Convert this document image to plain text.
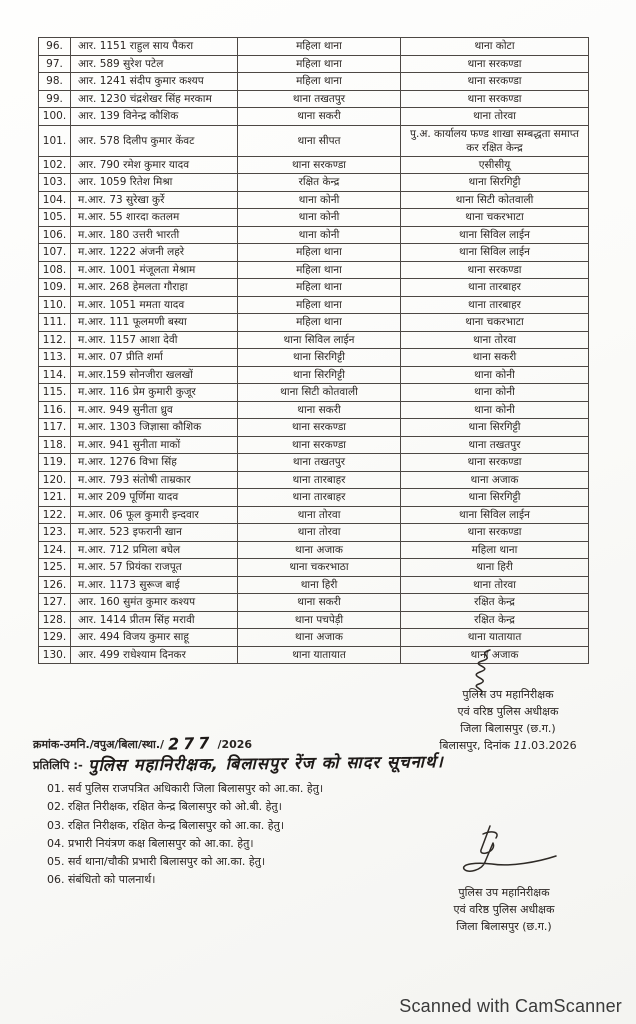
96.	आर. 1151 राहुल साय पैकरा	महिला थाना	थाना कोटा
97.	आर. 589 सुरेश पटेल	महिला थाना	थाना सरकण्डा
98.	आर. 1241 संदीप कुमार कश्यप	महिला थाना	थाना सरकण्डा
99.	आर. 1230 चंद्रशेखर सिंह मरकाम	थाना तखतपुर	थाना सरकण्डा
100.	आर. 139 विनेन्द्र कौशिक	थाना सकरी	थाना तोरवा
101.	आर. 578 दिलीप कुमार केंवट	थाना सीपत	पु.अ. कार्यालय फण्ड शाखा सम्बद्धता समाप्त कर रक्षित केन्द्र
102.	आर. 790 रमेश कुमार यादव	थाना सरकण्डा	एसीसीयू
103.	आर. 1059 रितेश मिश्रा	रक्षित केन्द्र	थाना सिरगिट्टी
104.	म.आर. 73 सुरेखा कुर्रे	थाना कोनी	थाना सिटी कोतवाली
105.	म.आर. 55 शारदा कतलम	थाना कोनी	थाना चकरभाटा
106.	म.आर. 180 उत्तरी भारती	थाना कोनी	थाना सिविल लाईन
107.	म.आर. 1222 अंजनी लहरे	महिला थाना	थाना सिविल लाईन
108.	म.आर. 1001 मंजूलता मेश्राम	महिला थाना	थाना सरकण्डा
109.	म.आर. 268 हेमलता गौराहा	महिला थाना	थाना तारबाहर
110.	म.आर. 1051 ममता यादव	महिला थाना	थाना तारबाहर
111.	म.आर. 111 फूलमणी बस्या	महिला थाना	थाना चकरभाटा
112.	म.आर. 1157 आशा देवी	थाना सिविल लाईन	थाना तोरवा
113.	म.आर. 07 प्रीति शर्मा	थाना सिरगिट्टी	थाना सकरी
114.	म.आर.159 सोनजीरा खलखों	थाना सिरगिट्टी	थाना कोनी
115.	म.आर. 116 प्रेम कुमारी कुजूर	थाना सिटी कोतवाली	थाना कोनी
116.	म.आर. 949 सुनीता ध्रुव	थाना सकरी	थाना कोनी
117.	म.आर. 1303 जिज्ञासा कौशिक	थाना सरकण्डा	थाना सिरगिट्टी
118.	म.आर. 941 सुनीता माकों	थाना सरकण्डा	थाना तखतपुर
119.	म.आर. 1276 विभा सिंह	थाना तखतपुर	थाना सरकण्डा
120.	म.आर. 793 संतोषी ताम्रकार	थाना तारबाहर	थाना अजाक
121.	म.आर 209 पूर्णिमा यादव	थाना तारबाहर	थाना सिरगिट्टी
122.	म.आर. 06 फूल कुमारी इन्दवार	थाना तोरवा	थाना सिविल लाईन
123.	म.आर. 523 इफरानी खान	थाना तोरवा	थाना सरकण्डा
124.	म.आर. 712 प्रमिला बघेल	थाना अजाक	महिला थाना
125.	म.आर. 57 प्रियंका राजपूत	थाना चकरभाठा	थाना हिरी
126.	म.आर. 1173 सुरूज बाई	थाना हिरी	थाना तोरवा
127.	आर. 160 सुमंत कुमार कश्यप	थाना सकरी	रक्षित केन्द्र
128.	आर. 1414 प्रीतम सिंह मरावी	थाना पचपेड़ी	रक्षित केन्द्र
129.	आर. 494 विजय कुमार साहू	थाना अजाक	थाना यातायात
130.	आर. 499 राधेश्याम दिनकर	थाना यातायात	थाना अजाक
पुलिस उप महानिरीक्षक
एवं वरिष्ठ पुलिस अधीक्षक
जिला बिलासपुर (छ.ग.)
बिलासपुर, दिनांक 11.03.2026
क्रमांक-उमनि./वपुअ/बिला/स्था./ 277 /2026
प्रतिलिपि :- पुलिस महानिरीक्षक, बिलासपुर रेंज को सादर सूचनार्थ।
01. सर्व पुलिस राजपत्रित अधिकारी जिला बिलासपुर को आ.का. हेतु।
02. रक्षित निरीक्षक, रक्षित केन्द्र बिलासपुर को ओ.बी. हेतु।
03. रक्षित निरीक्षक, रक्षित केन्द्र बिलासपुर को आ.का. हेतु।
04. प्रभारी नियंत्रण कक्ष बिलासपुर को आ.का. हेतु।
05. सर्व थाना/चौकी प्रभारी बिलासपुर को आ.का. हेतु।
06. संबंधितो को पालनार्थ।
पुलिस उप महानिरीक्षक
एवं वरिष्ठ पुलिस अधीक्षक
जिला बिलासपुर (छ.ग.)
Scanned with CamScanner
